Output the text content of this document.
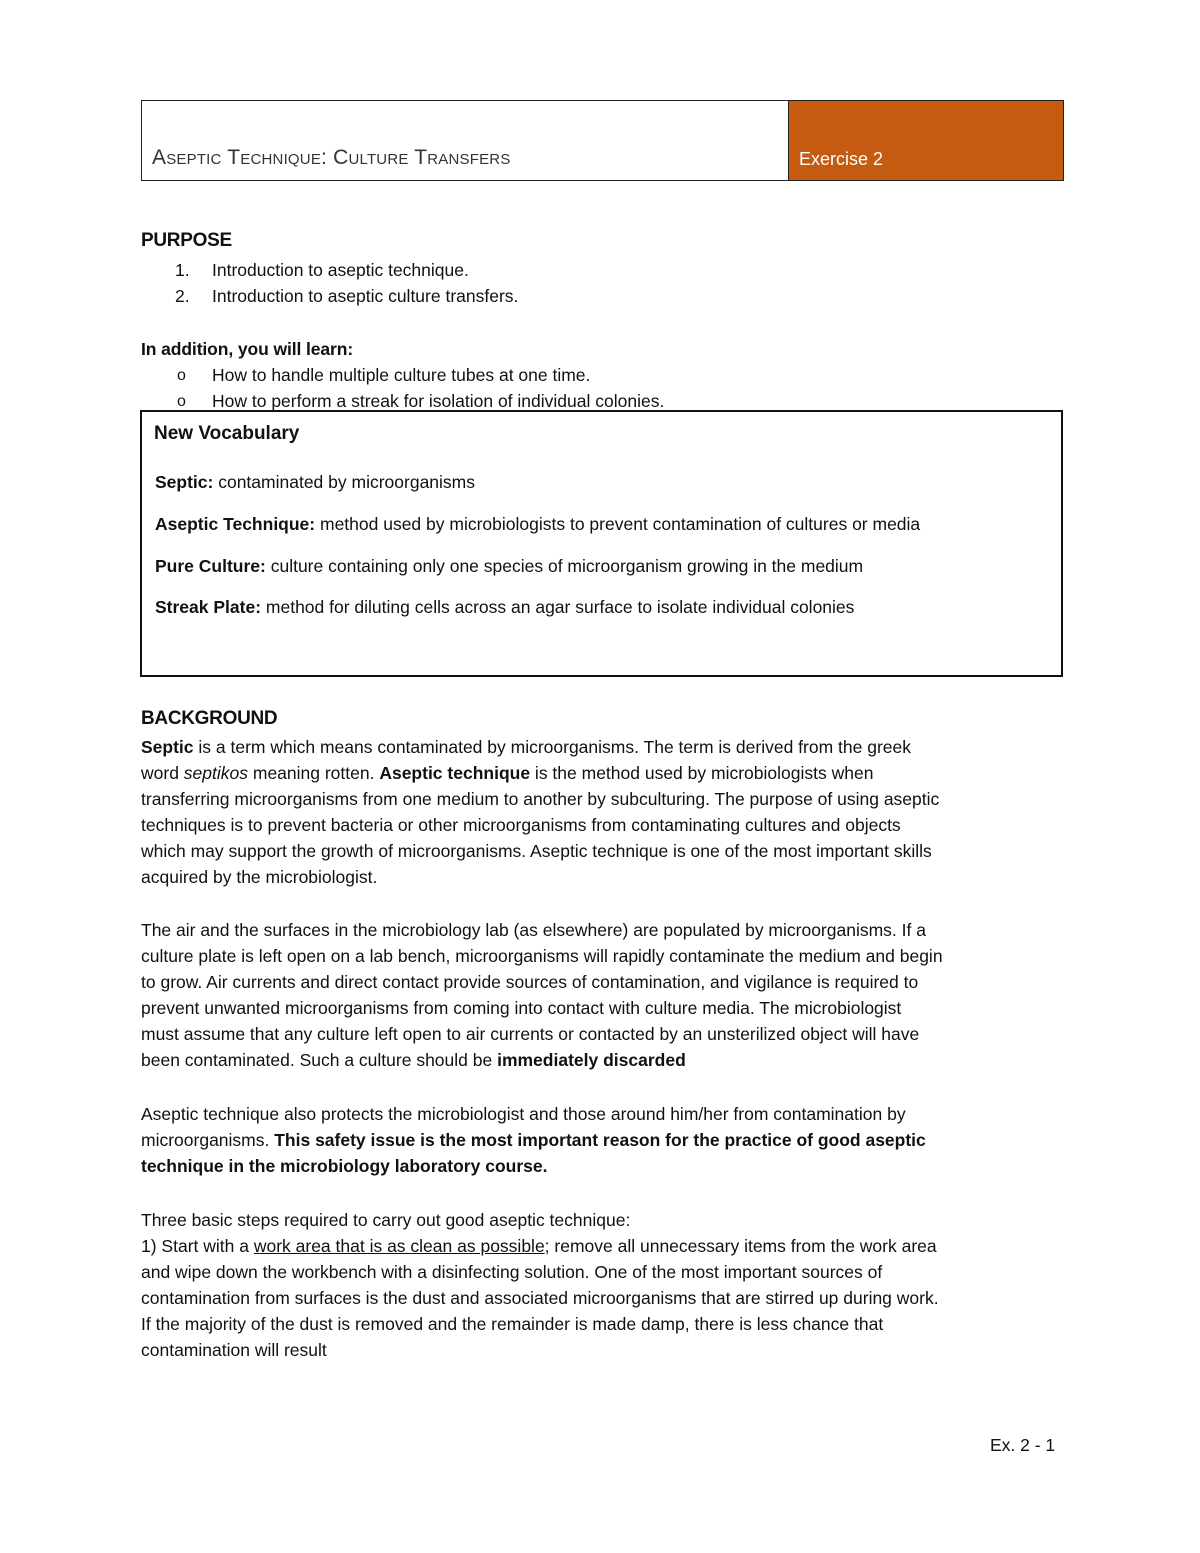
Aseptic Technique: Culture Transfers	Exercise 2
PURPOSE
1. Introduction to aseptic technique.
2. Introduction to aseptic culture transfers.
In addition, you will learn:
o How to handle multiple culture tubes at one time.
o How to perform a streak for isolation of individual colonies.
New Vocabulary
Septic: contaminated by microorganisms
Aseptic Technique: method used by microbiologists to prevent contamination of cultures or media
Pure Culture: culture containing only one species of microorganism growing in the medium
Streak Plate: method for diluting cells across an agar surface to isolate individual colonies
BACKGROUND
Septic is a term which means contaminated by microorganisms. The term is derived from the greek
word septikos meaning rotten. Aseptic technique is the method used by microbiologists when
transferring microorganisms from one medium to another by subculturing. The purpose of using aseptic
techniques is to prevent bacteria or other microorganisms from contaminating cultures and objects
which may support the growth of microorganisms. Aseptic technique is one of the most important skills
acquired by the microbiologist.
The air and the surfaces in the microbiology lab (as elsewhere) are populated by microorganisms. If a
culture plate is left open on a lab bench, microorganisms will rapidly contaminate the medium and begin
to grow. Air currents and direct contact provide sources of contamination, and vigilance is required to
prevent unwanted microorganisms from coming into contact with culture media. The microbiologist
must assume that any culture left open to air currents or contacted by an unsterilized object will have
been contaminated. Such a culture should be immediately discarded
Aseptic technique also protects the microbiologist and those around him/her from contamination by
microorganisms. This safety issue is the most important reason for the practice of good aseptic
technique in the microbiology laboratory course.
Three basic steps required to carry out good aseptic technique:
1) Start with a work area that is as clean as possible; remove all unnecessary items from the work area
and wipe down the workbench with a disinfecting solution. One of the most important sources of
contamination from surfaces is the dust and associated microorganisms that are stirred up during work.
If the majority of the dust is removed and the remainder is made damp, there is less chance that
contamination will result
Ex. 2 - 1
